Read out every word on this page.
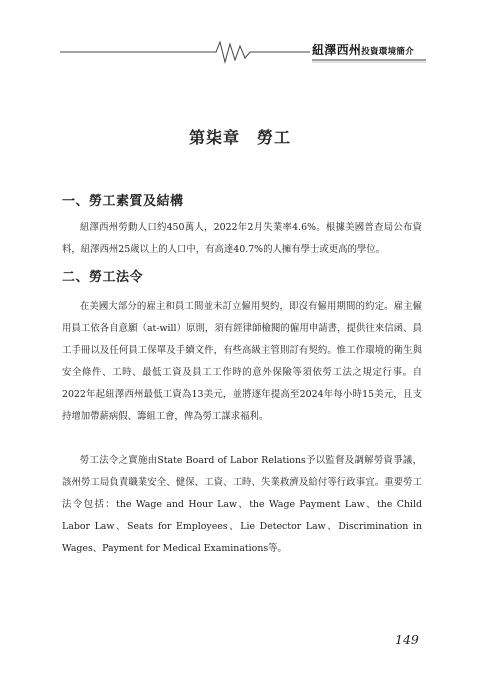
紐澤西州投資環境簡介
第柒章　勞工
一、勞工素質及結構

紐澤西州勞動人口約450萬人，2022年2月失業率4.6%。根據美國普查局公布資料，紐澤西州25歲以上的人口中，有高達40.7%的人擁有學士或更高的學位。

二、勞工法令

在美國大部分的雇主和員工間並未訂立僱用契約，即沒有僱用期間的約定。雇主僱用員工依各自意願（at-will）原則，須有經律師檢閱的僱用申請書，提供往來信函、員工手冊以及任何員工保單及手續文件，有些高級主管則訂有契約。惟工作環境的衛生與安全條件、工時、最低工資及員工工作時的意外保險等須依勞工法之規定行事。自2022年起紐澤西州最低工資為13美元，並將逐年提高至2024年每小時15美元，且支持增加帶薪病假、籌組工會，俾為勞工謀求福利。

勞工法令之實施由State Board of Labor Relations予以監督及調解勞資爭議，該州勞工局負責職業安全、健保、工資、工時、失業救濟及給付等行政事宜。重要勞工法令包括：the Wage and Hour Law、the Wage Payment Law、the Child Labor Law、Seats for Employees、Lie Detector Law、Discrimination in Wages、Payment for Medical Examinations等。

149
